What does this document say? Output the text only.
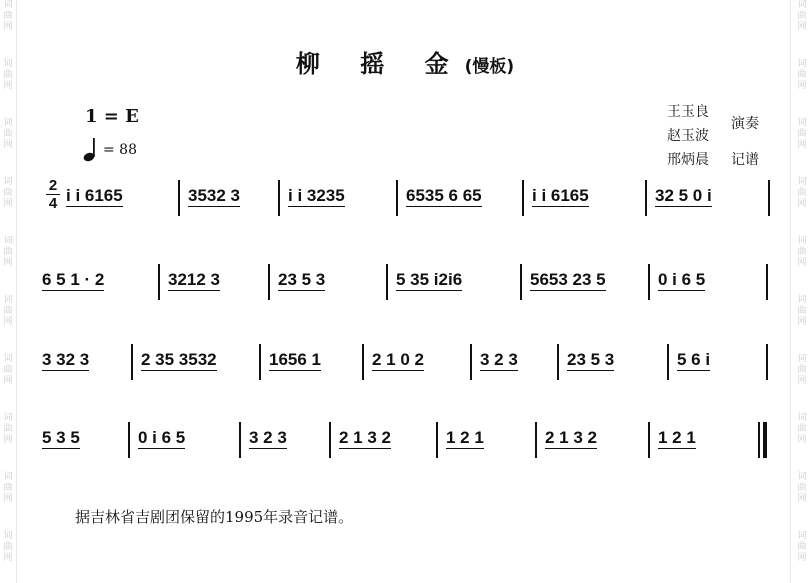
词
曲
网
词
曲
网
词
曲
网
词
曲
网
词
曲
网
词
曲
网
词
曲
网
词
曲
网
词
曲
网
词
曲
网
词
曲
网
词
曲
网
词
曲
网
词
曲
网
词
曲
网
词
曲
网
词
曲
网
词
曲
网
词
曲
网
词
曲
网
柳 摇 金(慢板)
1 = E
= 88
王玉良
赵玉波
演奏
邢炳晨 记谱
2
4 i i 6165	3532 3	i i 3235	6535 6 65	i i 6165	32 5 0 i
6 5 1 · 2	3212 3	23 5 3	5 35 i2i6	5653 23 5	0 i 6 5
3 32 3	2 35 3532	1656 1	2 1 0 2	3 2 3	23 5 3	5 6 i
5 3 5	0 i 6 5	3 2 3	2 1 3 2	1 2 1	2 1 3 2	1 2 1
据吉林省吉剧团保留的1995年录音记谱。
